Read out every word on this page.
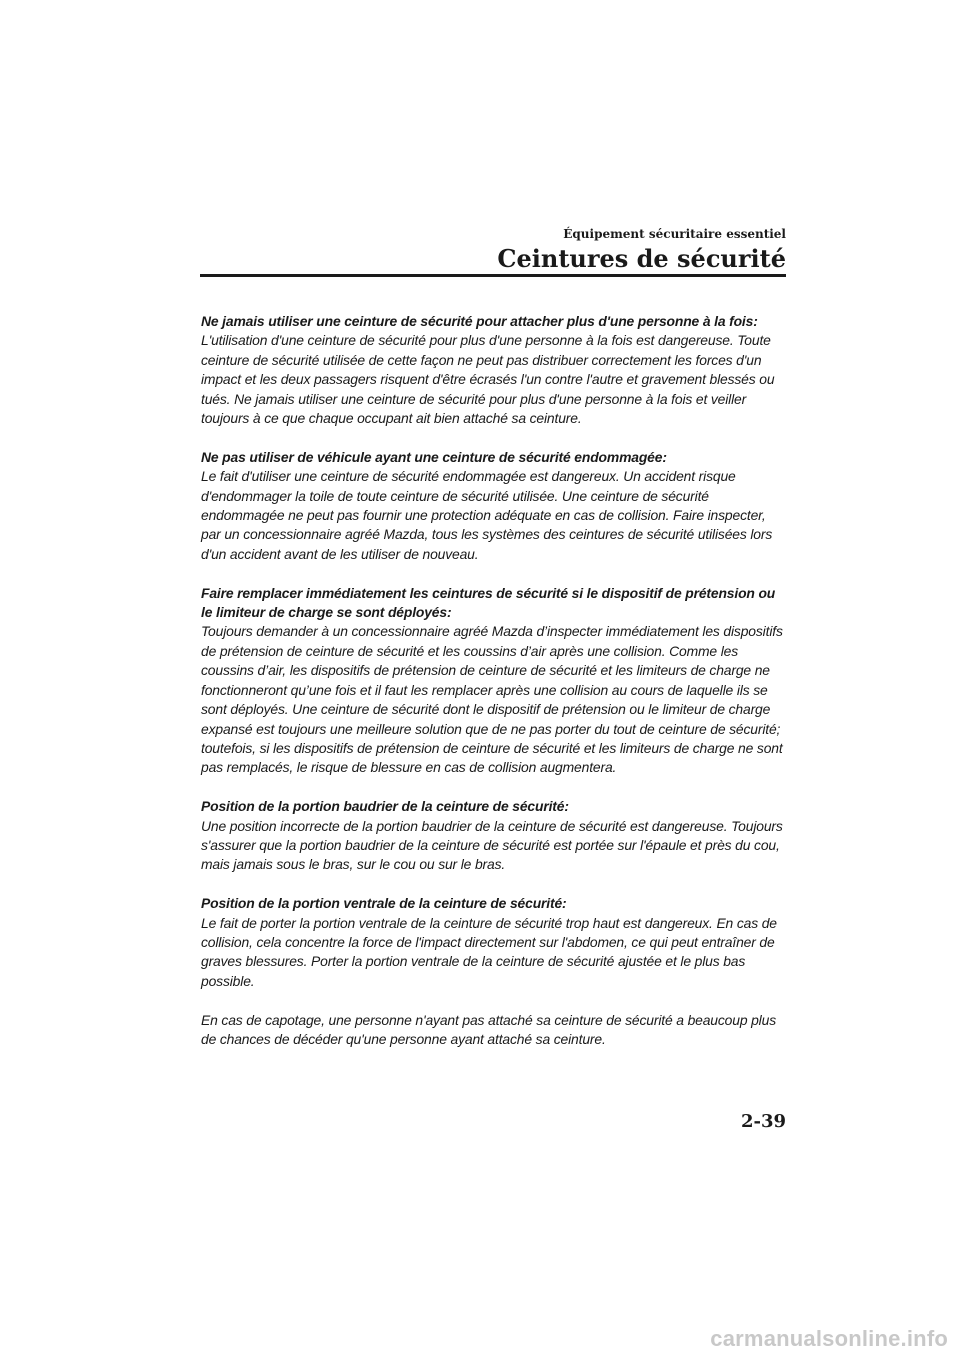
Équipement sécuritaire essentiel
Ceintures de sécurité

Ne jamais utiliser une ceinture de sécurité pour attacher plus d'une personne à la fois:
L'utilisation d'une ceinture de sécurité pour plus d'une personne à la fois est dangereuse. Toute ceinture de sécurité utilisée de cette façon ne peut pas distribuer correctement les forces d'un impact et les deux passagers risquent d'être écrasés l'un contre l'autre et gravement blessés ou tués. Ne jamais utiliser une ceinture de sécurité pour plus d'une personne à la fois et veiller toujours à ce que chaque occupant ait bien attaché sa ceinture.

Ne pas utiliser de véhicule ayant une ceinture de sécurité endommagée:
Le fait d'utiliser une ceinture de sécurité endommagée est dangereux. Un accident risque d'endommager la toile de toute ceinture de sécurité utilisée. Une ceinture de sécurité endommagée ne peut pas fournir une protection adéquate en cas de collision. Faire inspecter, par un concessionnaire agréé Mazda, tous les systèmes des ceintures de sécurité utilisées lors d'un accident avant de les utiliser de nouveau.

Faire remplacer immédiatement les ceintures de sécurité si le dispositif de prétension ou le limiteur de charge se sont déployés:
Toujours demander à un concessionnaire agréé Mazda d’inspecter immédiatement les dispositifs de prétension de ceinture de sécurité et les coussins d’air après une collision. Comme les coussins d’air, les dispositifs de prétension de ceinture de sécurité et les limiteurs de charge ne fonctionneront qu’une fois et il faut les remplacer après une collision au cours de laquelle ils se sont déployés. Une ceinture de sécurité dont le dispositif de prétension ou le limiteur de charge expansé est toujours une meilleure solution que de ne pas porter du tout de ceinture de sécurité; toutefois, si les dispositifs de prétension de ceinture de sécurité et les limiteurs de charge ne sont pas remplacés, le risque de blessure en cas de collision augmentera.

Position de la portion baudrier de la ceinture de sécurité:
Une position incorrecte de la portion baudrier de la ceinture de sécurité est dangereuse. Toujours s'assurer que la portion baudrier de la ceinture de sécurité est portée sur l'épaule et près du cou, mais jamais sous le bras, sur le cou ou sur le bras.

Position de la portion ventrale de la ceinture de sécurité:
Le fait de porter la portion ventrale de la ceinture de sécurité trop haut est dangereux. En cas de collision, cela concentre la force de l'impact directement sur l'abdomen, ce qui peut entraîner de graves blessures. Porter la portion ventrale de la ceinture de sécurité ajustée et le plus bas possible.

En cas de capotage, une personne n'ayant pas attaché sa ceinture de sécurité a beaucoup plus de chances de décéder qu'une personne ayant attaché sa ceinture.

2-39
carmanualsonline.info
